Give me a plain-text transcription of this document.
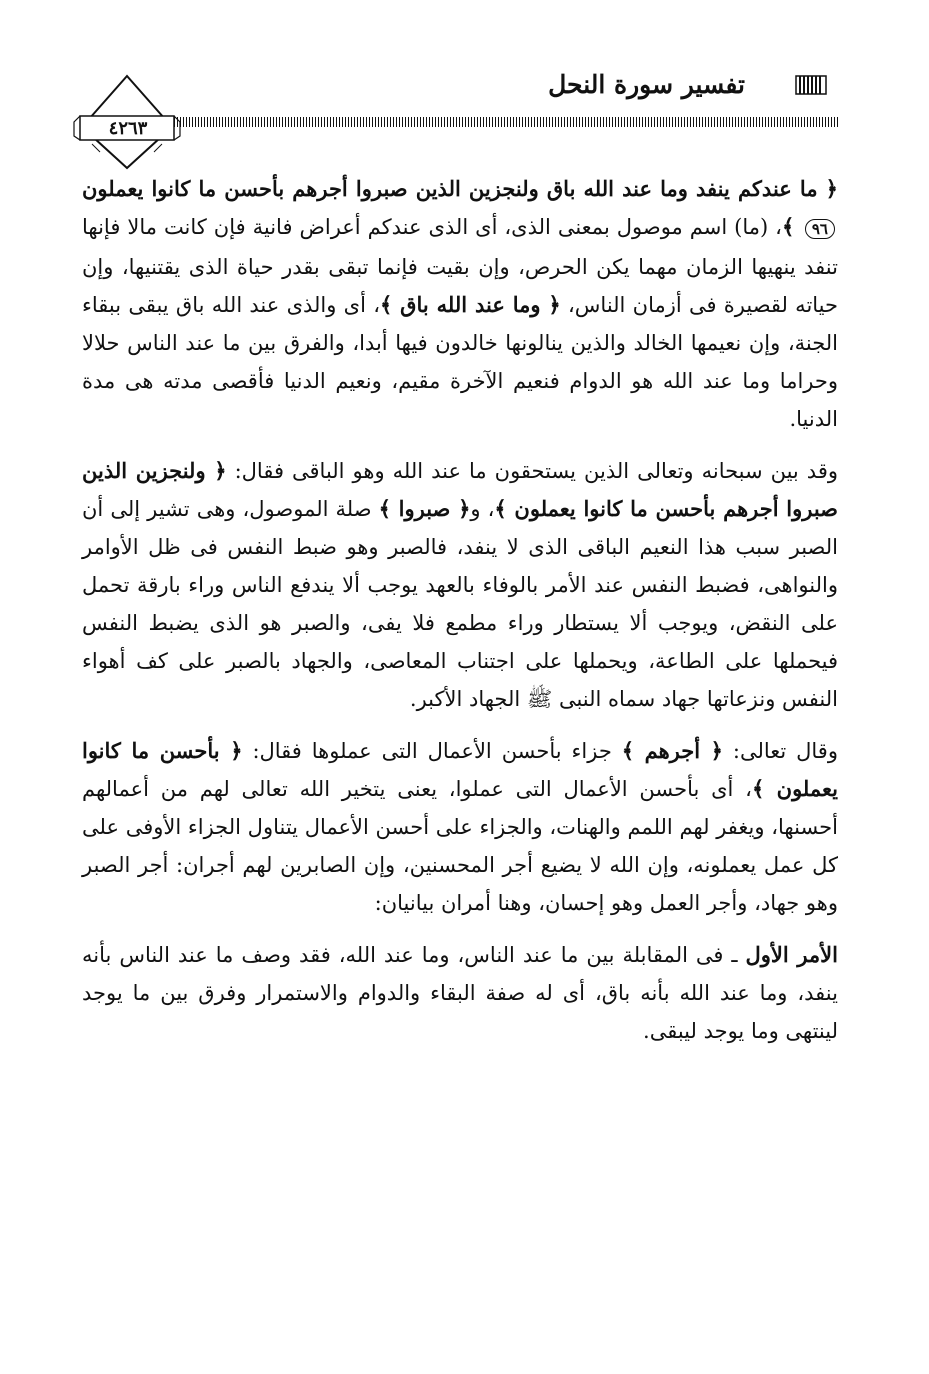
تفسير سورة النحل
٤٢٦٣

﴿ ما عندكم ينفد وما عند الله باق ولنجزين الذين صبروا أجرهم بأحسن ما كانوا يعملون ٩٦ ﴾، (ما) اسم موصول بمعنى الذى، أى الذى عندكم أعراض فانية فإن كانت مالا فإنها تنفد ينهيها الزمان مهما يكن الحرص، وإن بقيت فإنما تبقى بقدر حياة الذى يقتنيها، وإن حياته لقصيرة فى أزمان الناس، ﴿ وما عند الله باق ﴾، أى والذى عند الله باق يبقى ببقاء الجنة، وإن نعيمها الخالد والذين ينالونها خالدون فيها أبدا، والفرق بين ما عند الناس حلالا وحراما وما عند الله هو الدوام فنعيم الآخرة مقيم، ونعيم الدنيا فأقصى مدته هى مدة الدنيا.

وقد بين سبحانه وتعالى الذين يستحقون ما عند الله وهو الباقى فقال: ﴿ ولنجزين الذين صبروا أجرهم بأحسن ما كانوا يعملون ﴾، و﴿ صبروا ﴾ صلة الموصول، وهى تشير إلى أن الصبر سبب هذا النعيم الباقى الذى لا ينفد، فالصبر وهو ضبط النفس فى ظل الأوامر والنواهى، فضبط النفس عند الأمر بالوفاء بالعهد يوجب ألا يندفع الناس وراء بارقة تحمل على النقض، ويوجب ألا يستطار وراء مطمع فلا يفى، والصبر هو الذى يضبط النفس فيحملها على الطاعة، ويحملها على اجتناب المعاصى، والجهاد بالصبر على كف أهواء النفس ونزعاتها جهاد سماه النبى ﷺ الجهاد الأكبر.

وقال تعالى: ﴿ أجرهم ﴾ جزاء بأحسن الأعمال التى عملوها فقال: ﴿ بأحسن ما كانوا يعملون ﴾، أى بأحسن الأعمال التى عملوا، يعنى يتخير الله تعالى لهم من أعمالهم أحسنها، ويغفر لهم اللمم والهنات، والجزاء على أحسن الأعمال يتناول الجزاء الأوفى على كل عمل يعملونه، وإن الله لا يضيع أجر المحسنين، وإن الصابرين لهم أجران: أجر الصبر وهو جهاد، وأجر العمل وهو إحسان، وهنا أمران بيانيان:

الأمر الأول ـ فى المقابلة بين ما عند الناس، وما عند الله، فقد وصف ما عند الناس بأنه ينفد، وما عند الله بأنه باق، أى له صفة البقاء والدوام والاستمرار وفرق بين ما يوجد لينتهى وما يوجد ليبقى.
